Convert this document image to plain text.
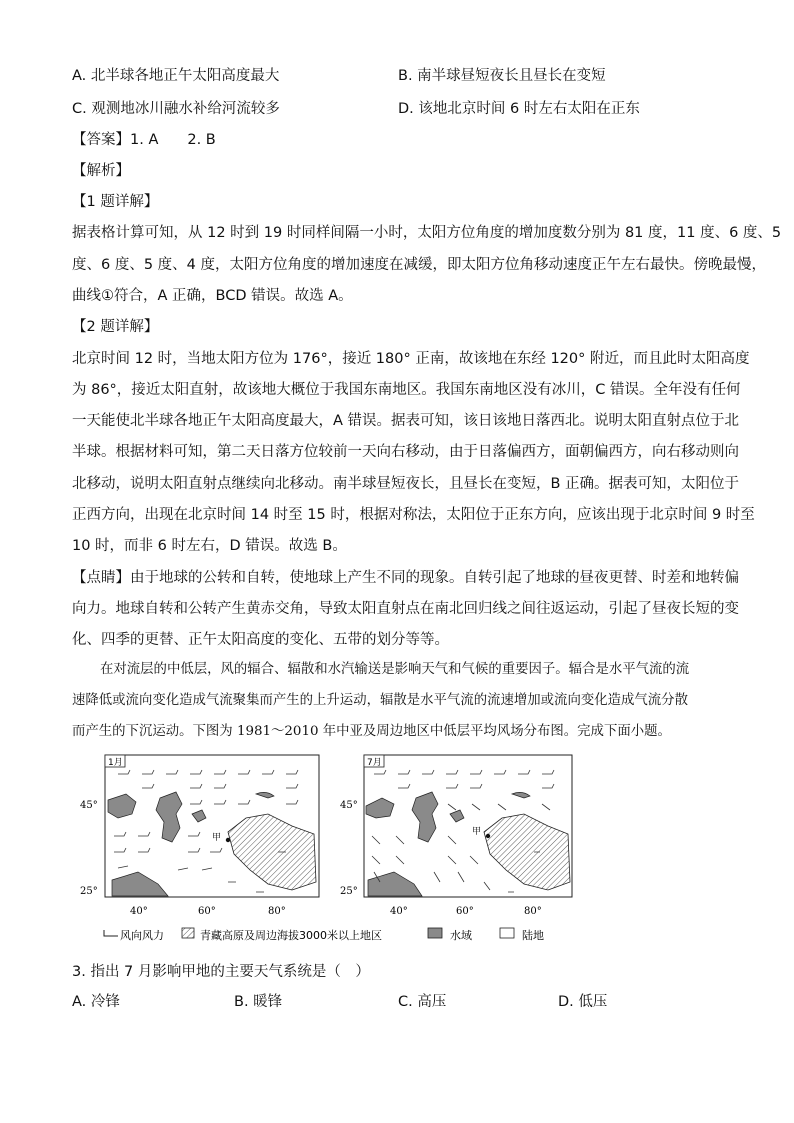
A. 北半球各地正午太阳高度最大	B. 南半球昼短夜长且昼长在变短
C. 观测地冰川融水补给河流较多	D. 该地北京时间 6 时左右太阳在正东
【答案】1. A　　2. B
【解析】
【1 题详解】
据表格计算可知，从 12 时到 19 时同样间隔一小时，太阳方位角度的增加度数分别为 81 度，11 度、6 度、5
度、6 度、5 度、4 度，太阳方位角度的增加速度在减缓，即太阳方位角移动速度正午左右最快。傍晚最慢，
曲线①符合，A 正确，BCD 错误。故选 A。
【2 题详解】
北京时间 12 时，当地太阳方位为 176°，接近 180° 正南，故该地在东经 120° 附近，而且此时太阳高度
为 86°，接近太阳直射，故该地大概位于我国东南地区。我国东南地区没有冰川，C 错误。全年没有任何
一天能使北半球各地正午太阳高度最大，A 错误。据表可知，该日该地日落西北。说明太阳直射点位于北
半球。根据材料可知，第二天日落方位较前一天向右移动，由于日落偏西方，面朝偏西方，向右移动则向
北移动，说明太阳直射点继续向北移动。南半球昼短夜长，且昼长在变短，B 正确。据表可知，太阳位于
正西方向，出现在北京时间 14 时至 15 时，根据对称法，太阳位于正东方向，应该出现于北京时间 9 时至
10 时，而非 6 时左右，D 错误。故选 B。
【点睛】由于地球的公转和自转，使地球上产生不同的现象。自转引起了地球的昼夜更替、时差和地转偏
向力。地球自转和公转产生黄赤交角，导致太阳直射点在南北回归线之间往返运动，引起了昼夜长短的变
化、四季的更替、正午太阳高度的变化、五带的划分等等。
在对流层的中低层，风的辐合、辐散和水汽输送是影响天气和气候的重要因子。辐合是水平气流的流
速降低或流向变化造成气流聚集而产生的上升运动，辐散是水平气流的流速增加或流向变化造成气流分散
而产生的下沉运动。下图为 1981～2010 年中亚及周边地区中低层平均风场分布图。完成下面小题。
1月
甲
45°
25°
40°	60°	80°
7月
甲
45°
25°
40°	60°	80°
风向风力	青藏高原及周边海拔3000米以上地区	水域	陆地
3. 指出 7 月影响甲地的主要天气系统是（　）
A. 冷锋	B. 暖锋	C. 高压	D. 低压
